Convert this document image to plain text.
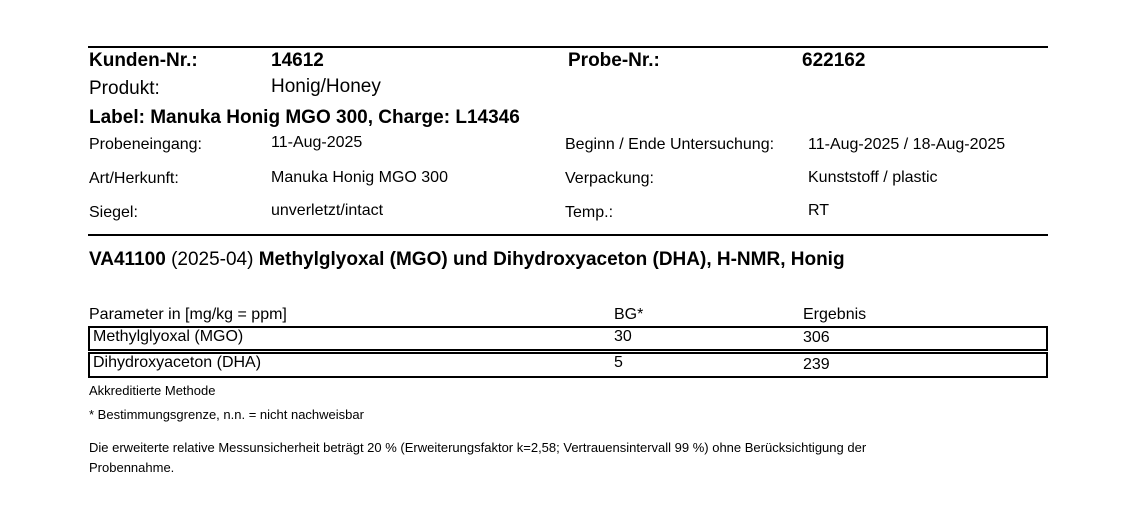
Kunden-Nr.:	14612	Probe-Nr.:	622162
Produkt:	Honig/Honey
Label: Manuka Honig MGO 300, Charge: L14346
Probeneingang:	11-Aug-2025	Beginn / Ende Untersuchung: 11-Aug-2025 / 18-Aug-2025
Art/Herkunft:	Manuka Honig MGO 300	Verpackung:	Kunststoff / plastic
Siegel:	unverletzt/intact	Temp.:	RT
VA41100 (2025-04) Methylglyoxal (MGO) und Dihydroxyaceton (DHA), H-NMR, Honig
Parameter in [mg/kg = ppm]	BG*	Ergebnis
Methylglyoxal (MGO)	30	306
Dihydroxyaceton (DHA)	5	239
Akkreditierte Methode
* Bestimmungsgrenze, n.n. = nicht nachweisbar
Die erweiterte relative Messunsicherheit beträgt 20 % (Erweiterungsfaktor k=2,58; Vertrauensintervall 99 %) ohne Berücksichtigung der
Probennahme.
